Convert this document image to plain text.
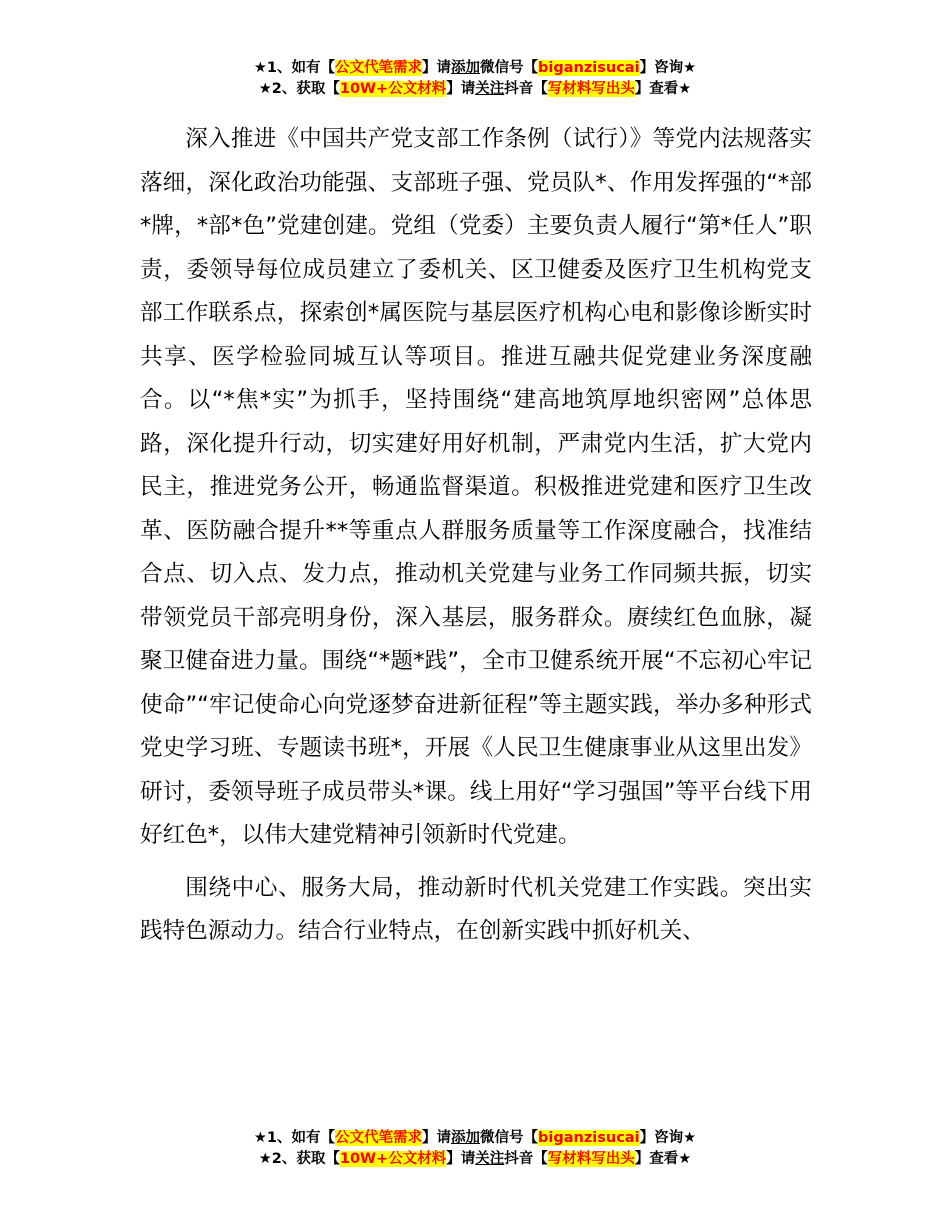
★1、如有【公文代笔需求】请添加微信号【biganzisucai】咨询★
★2、获取【10W+公文材料】请关注抖音【写材料写出头】查看★

深入推进《中国共产党支部工作条例（试行）》等党内法规落实落细，深化政治功能强、支部班子强、党员队*、作用发挥强的“*部*牌，*部*色”党建创建。党组（党委）主要负责人履行“第*任人”职责，委领导每位成员建立了委机关、区卫健委及医疗卫生机构党支部工作联系点，探索创*属医院与基层医疗机构心电和影像诊断实时共享、医学检验同城互认等项目。推进互融共促党建业务深度融合。以“*焦*实”为抓手，坚持围绕“建高地筑厚地织密网”总体思路，深化提升行动，切实建好用好机制，严肃党内生活，扩大党内民主，推进党务公开，畅通监督渠道。积极推进党建和医疗卫生改革、医防融合提升**等重点人群服务质量等工作深度融合，找准结合点、切入点、发力点，推动机关党建与业务工作同频共振，切实带领党员干部亮明身份，深入基层，服务群众。赓续红色血脉，凝聚卫健奋进力量。围绕“*题*践”，全市卫健系统开展“不忘初心牢记使命”“牢记使命心向党逐梦奋进新征程”等主题实践，举办多种形式党史学习班、专题读书班*，开展《人民卫生健康事业从这里出发》研讨，委领导班子成员带头*课。线上用好“学习强国”等平台线下用好红色*，以伟大建党精神引领新时代党建。

围绕中心、服务大局，推动新时代机关党建工作实践。突出实践特色源动力。结合行业特点，在创新实践中抓好机关、

★1、如有【公文代笔需求】请添加微信号【biganzisucai】咨询★
★2、获取【10W+公文材料】请关注抖音【写材料写出头】查看★
